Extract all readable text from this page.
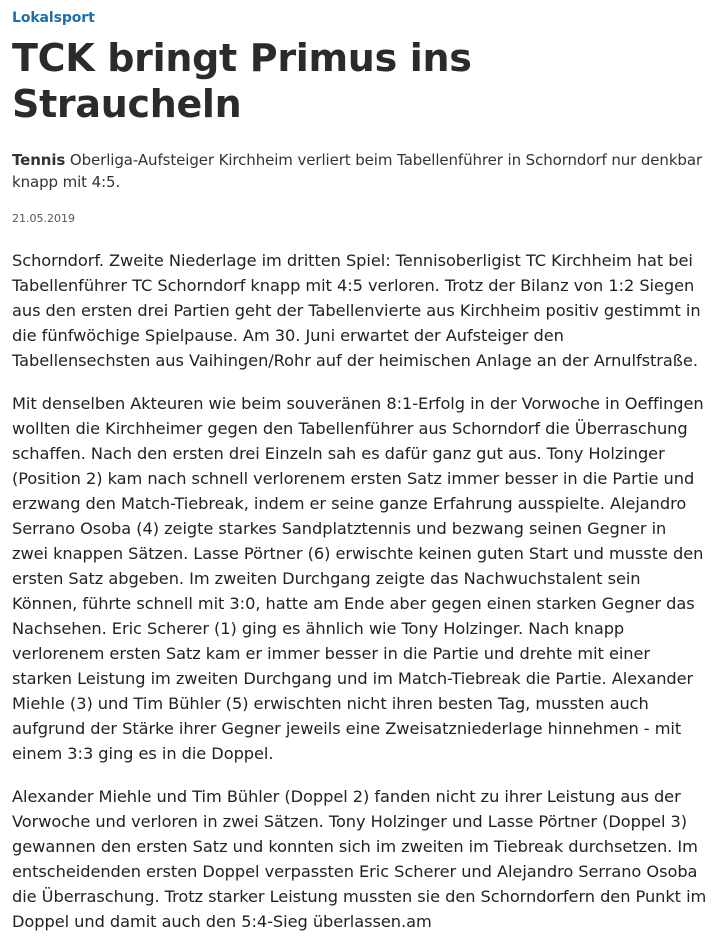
Lokalsport
TCK bringt Primus ins Straucheln

Tennis Oberliga-Aufsteiger Kirchheim verliert beim Tabellenführer in Schorndorf nur denkbar knapp mit 4:5.

21.05.2019

Schorndorf. Zweite Niederlage im dritten Spiel: Tennisoberligist TC Kirchheim hat bei Tabellenführer TC Schorndorf knapp mit 4:5 verloren. Trotz der Bilanz von 1:2 Siegen aus den ersten drei Partien geht der Tabellenvierte aus Kirchheim positiv gestimmt in die fünfwöchige Spielpause. Am 30. Juni erwartet der Aufsteiger den Tabellensechsten aus Vaihingen/Rohr auf der heimischen Anlage an der Arnulfstraße.

Mit denselben Akteuren wie beim souveränen 8:1-Erfolg in der Vorwoche in Oeffingen wollten die Kirchheimer gegen den Tabellenführer aus Schorndorf die Überraschung schaffen. Nach den ersten drei Einzeln sah es dafür ganz gut aus. Tony Holzinger (Position 2) kam nach schnell verlorenem ersten Satz immer besser in die Partie und erzwang den Match-Tiebreak, indem er seine ganze Erfahrung ausspielte. Alejandro Serrano Osoba (4) zeigte starkes Sandplatztennis und bezwang seinen Gegner in zwei knappen Sätzen. Lasse Pörtner (6) erwischte keinen guten Start und musste den ersten Satz abgeben. Im zweiten Durchgang zeigte das Nachwuchstalent sein Können, führte schnell mit 3:0, hatte am Ende aber gegen einen starken Gegner das Nachsehen. Eric Scherer (1) ging es ähnlich wie Tony Holzinger. Nach knapp verlorenem ersten Satz kam er immer besser in die Partie und drehte mit einer starken Leistung im zweiten Durchgang und im Match-Tiebreak die Partie. Alexander Miehle (3) und Tim Bühler (5) erwischten nicht ihren besten Tag, mussten auch aufgrund der Stärke ihrer Gegner jeweils eine Zweisatzniederlage hinnehmen - mit einem 3:3 ging es in die Doppel.

Alexander Miehle und Tim Bühler (Doppel 2) fanden nicht zu ihrer Leistung aus der Vorwoche und verloren in zwei Sätzen. Tony Holzinger und Lasse Pörtner (Doppel 3) gewannen den ersten Satz und konnten sich im zweiten im Tiebreak durchsetzen. Im entscheidenden ersten Doppel verpassten Eric Scherer und Alejandro Serrano Osoba die Überraschung. Trotz starker Leistung mussten sie den Schorndorfern den Punkt im Doppel und damit auch den 5:4-Sieg überlassen.am
